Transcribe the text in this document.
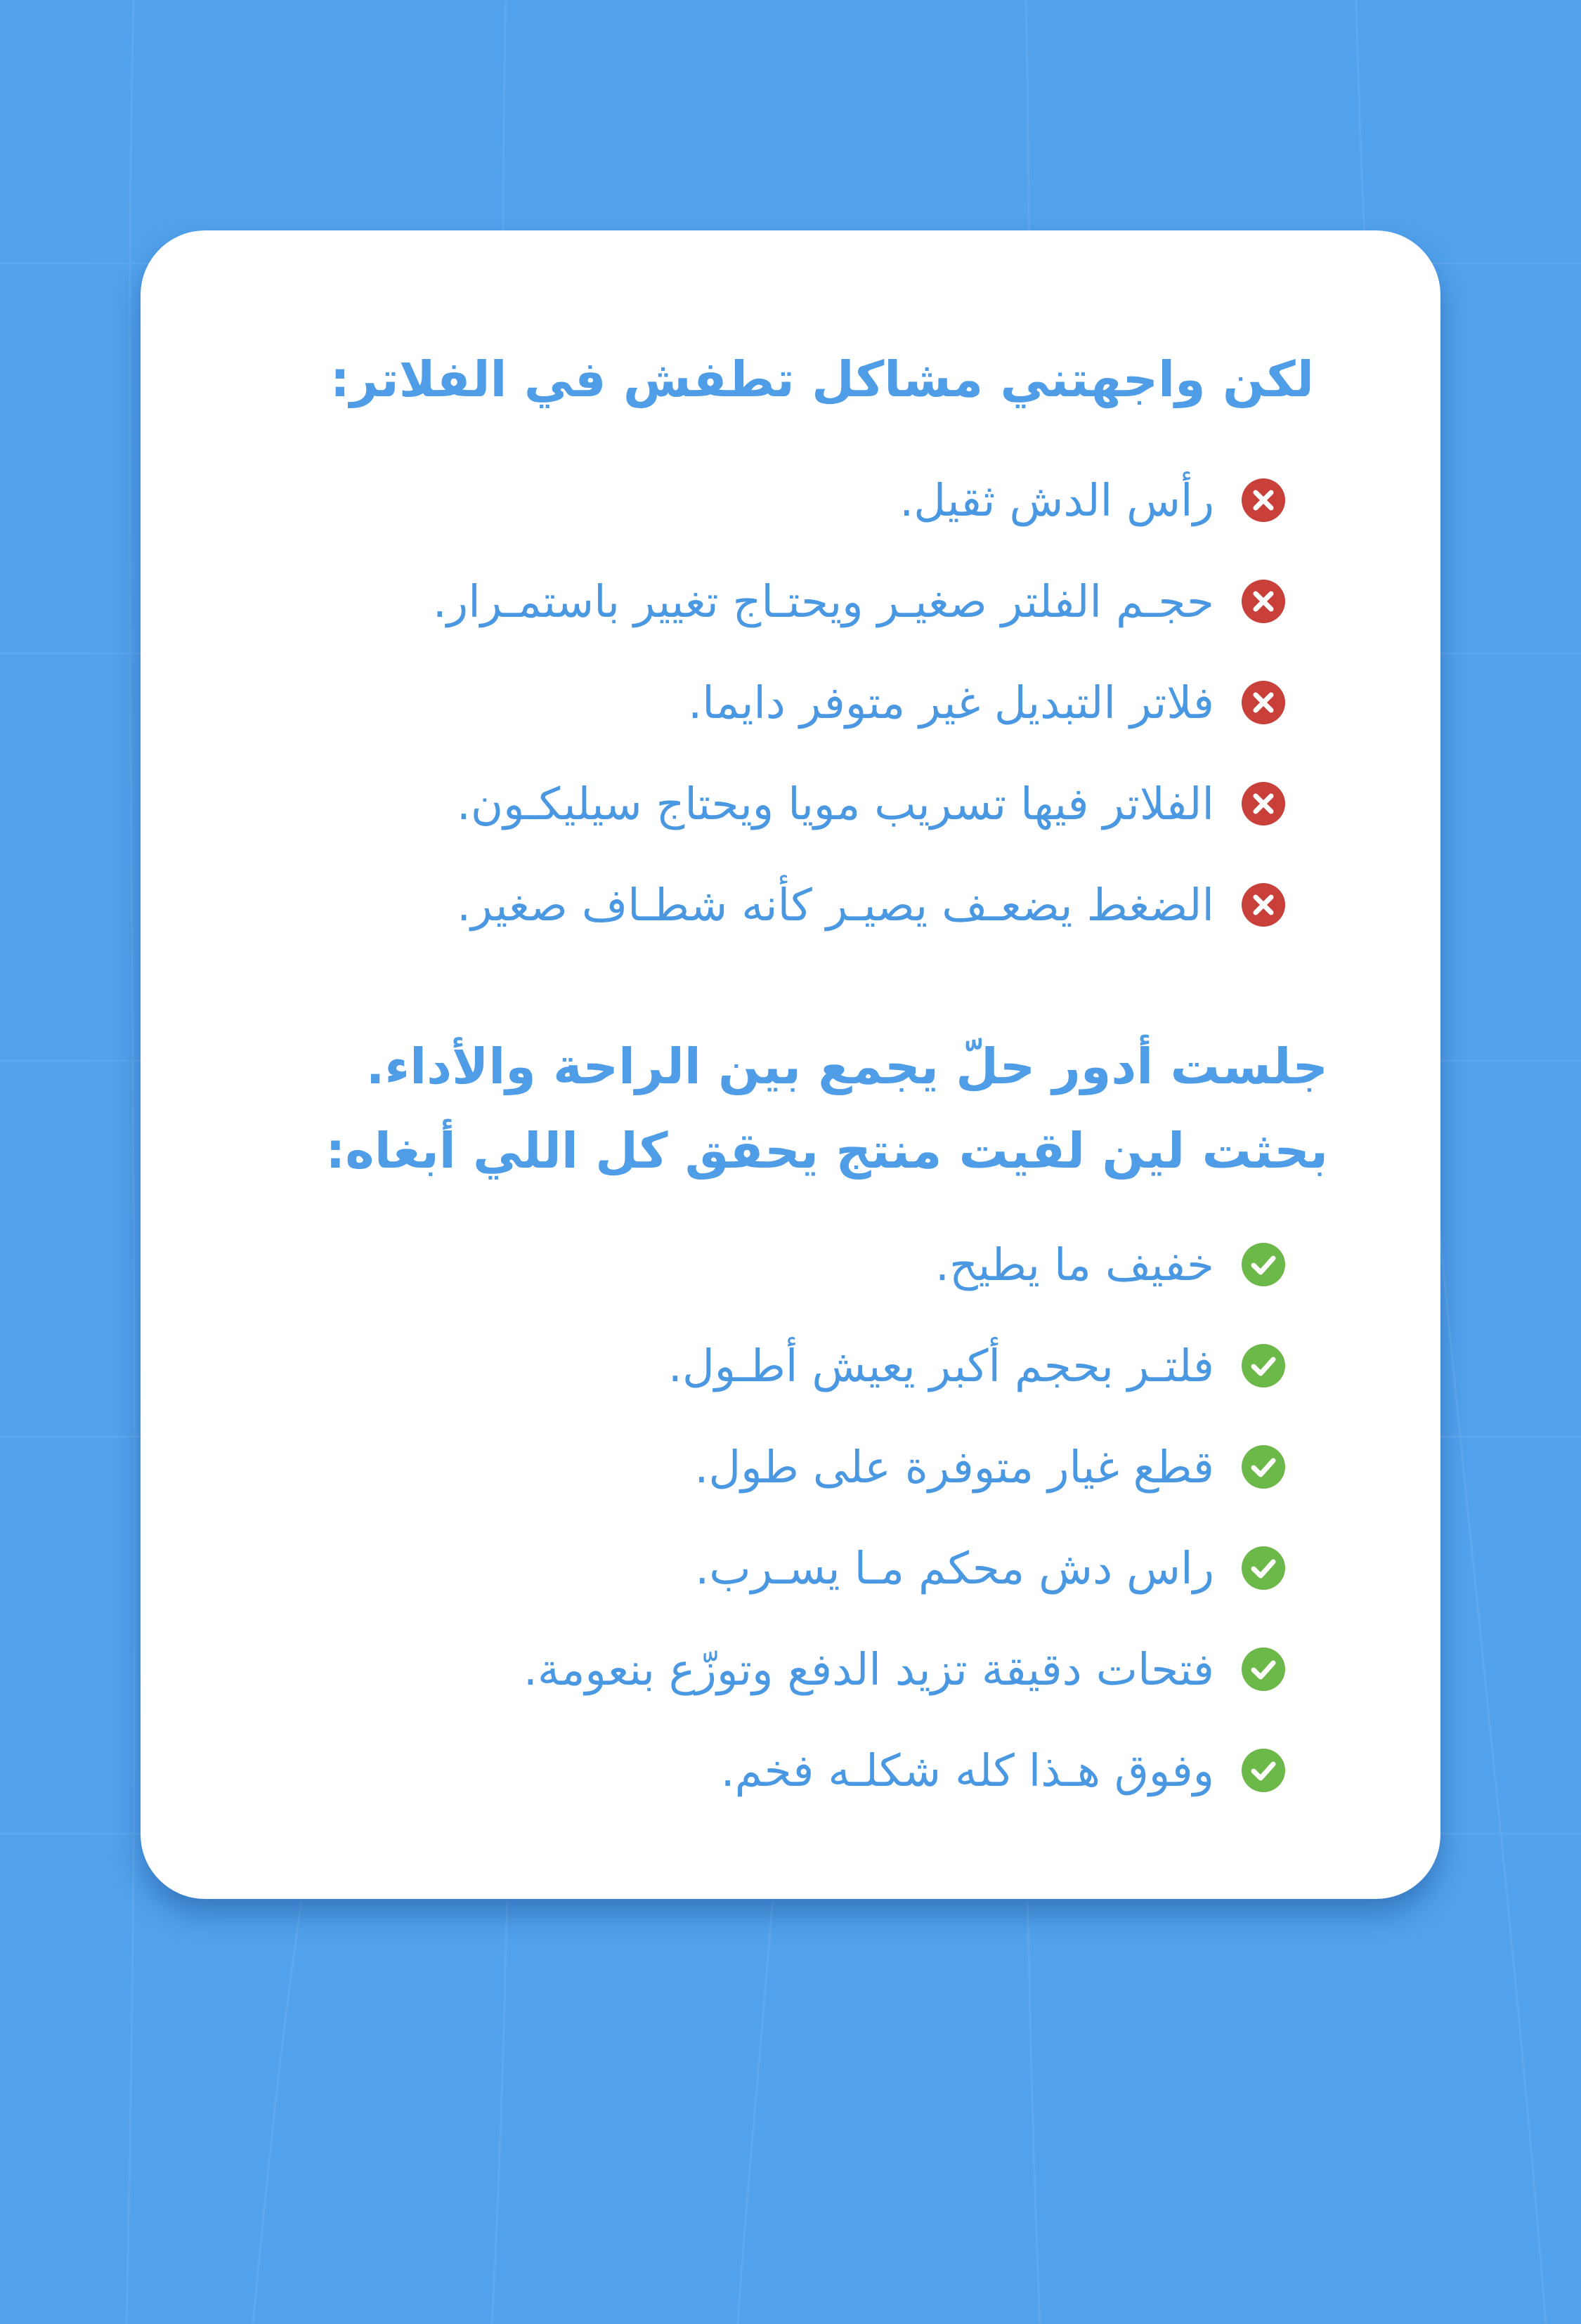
لكن واجهتني مشاكل تطفش في الفلاتر:
رأس الدش ثقيل.
حجـم الفلتر صغيـر ويحتـاج تغيير باستمـرار.
فلاتر التبديل غير متوفر دايما.
الفلاتر فيها تسريب مويا ويحتاج سيليكـون.
الضغط يضعـف يصيـر كأنه شطـاف صغير.
جلست أدور حلّ يجمع بين الراحة والأداء.
بحثت لين لقيت منتج يحقق كل اللي أبغاه:
خفيف ما يطيح.
فلتـر بحجم أكبر يعيش أطـول.
قطع غيار متوفرة على طول.
راس دش محكم مـا يسـرب.
فتحات دقيقة تزيد الدفع وتوزّع بنعومة.
وفوق هـذا كله شكلـه فخم.
